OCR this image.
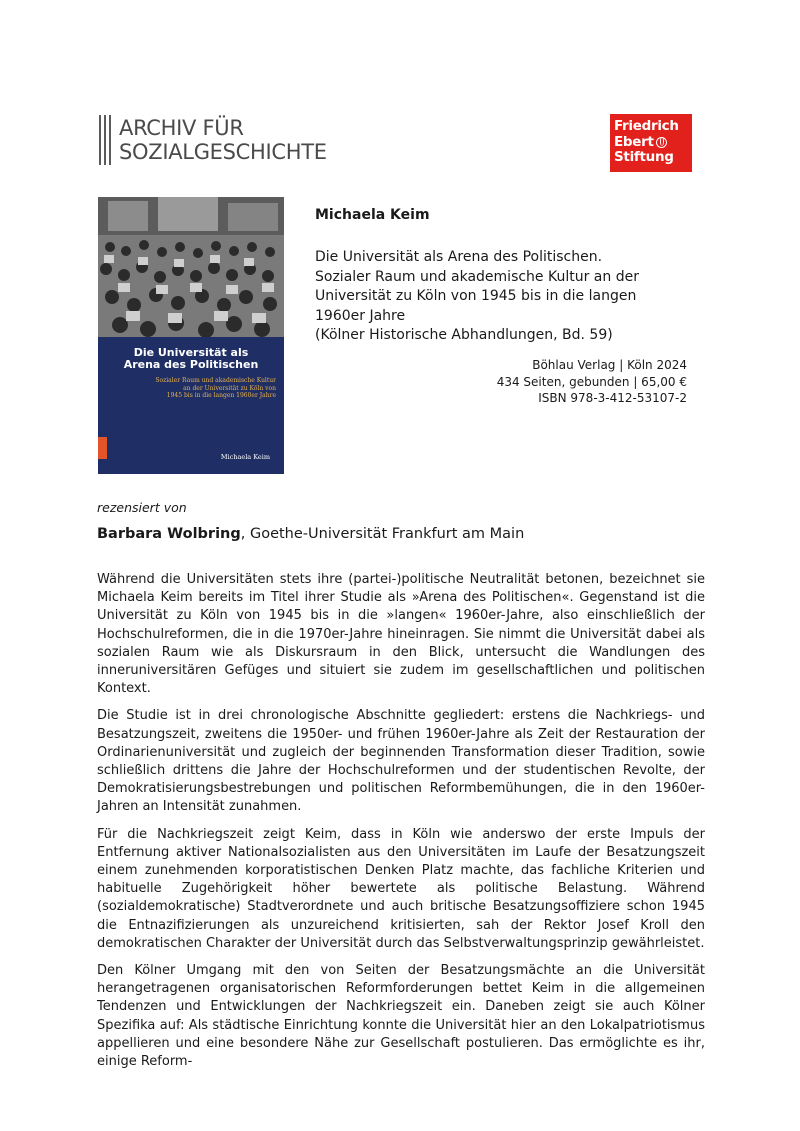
ARCHIV FÜR
SOZIALGESCHICHTE
Friedrich
Ebert
Stiftung
Die Universität als
Arena des Politischen
Sozialer Raum und akademische Kultur
an der Universität zu Köln von
1945 bis in die langen 1960er Jahre
Michaela Keim
Michaela Keim
Die Universität als Arena des Politischen.
Sozialer Raum und akademische Kultur an der
Universität zu Köln von 1945 bis in die langen
1960er Jahre
(Kölner Historische Abhandlungen, Bd. 59)
Böhlau Verlag | Köln 2024
434 Seiten, gebunden | 65,00 €
ISBN 978-3-412-53107-2
rezensiert von
Barbara Wolbring, Goethe-Universität Frankfurt am Main

Während die Universitäten stets ihre (partei-)politische Neutralität betonen, bezeichnet sie Michaela Keim bereits im Titel ihrer Studie als »Arena des Politischen«. Gegenstand ist die Universität zu Köln von 1945 bis in die »langen« 1960er-Jahre, also einschließlich der Hochschulreformen, die in die 1970er-Jahre hineinragen. Sie nimmt die Universität dabei als sozialen Raum wie als Diskursraum in den Blick, untersucht die Wandlungen des inneruniversitären Gefüges und situiert sie zudem im gesellschaftlichen und politischen Kontext.

Die Studie ist in drei chronologische Abschnitte gegliedert: erstens die Nachkriegs- und Besatzungszeit, zweitens die 1950er- und frühen 1960er-Jahre als Zeit der Restauration der Ordinarienuniversität und zugleich der beginnenden Transformation dieser Tradition, sowie schließlich drittens die Jahre der Hochschulreformen und der studentischen Revolte, der Demokratisierungsbestrebungen und politischen Reformbemühungen, die in den 1960er-Jahren an Intensität zunahmen.

Für die Nachkriegszeit zeigt Keim, dass in Köln wie anderswo der erste Impuls der Entfernung aktiver Nationalsozialisten aus den Universitäten im Laufe der Besatzungszeit einem zunehmenden korporatistischen Denken Platz machte, das fachliche Kriterien und habituelle Zugehörigkeit höher bewertete als politische Belastung. Während (sozialdemokratische) Stadtverordnete und auch britische Besatzungsoffiziere schon 1945 die Entnazifizierungen als unzureichend kritisierten, sah der Rektor Josef Kroll den demokratischen Charakter der Universität durch das Selbstverwaltungsprinzip gewährleistet.

Den Kölner Umgang mit den von Seiten der Besatzungsmächte an die Universität herangetragenen organisatorischen Reformforderungen bettet Keim in die allgemeinen Tendenzen und Entwicklungen der Nachkriegszeit ein. Daneben zeigt sie auch Kölner Spezifika auf: Als städtische Einrichtung konnte die Universität hier an den Lokalpatriotismus appellieren und eine besondere Nähe zur Gesellschaft postulieren. Das ermöglichte es ihr, einige Reform-
